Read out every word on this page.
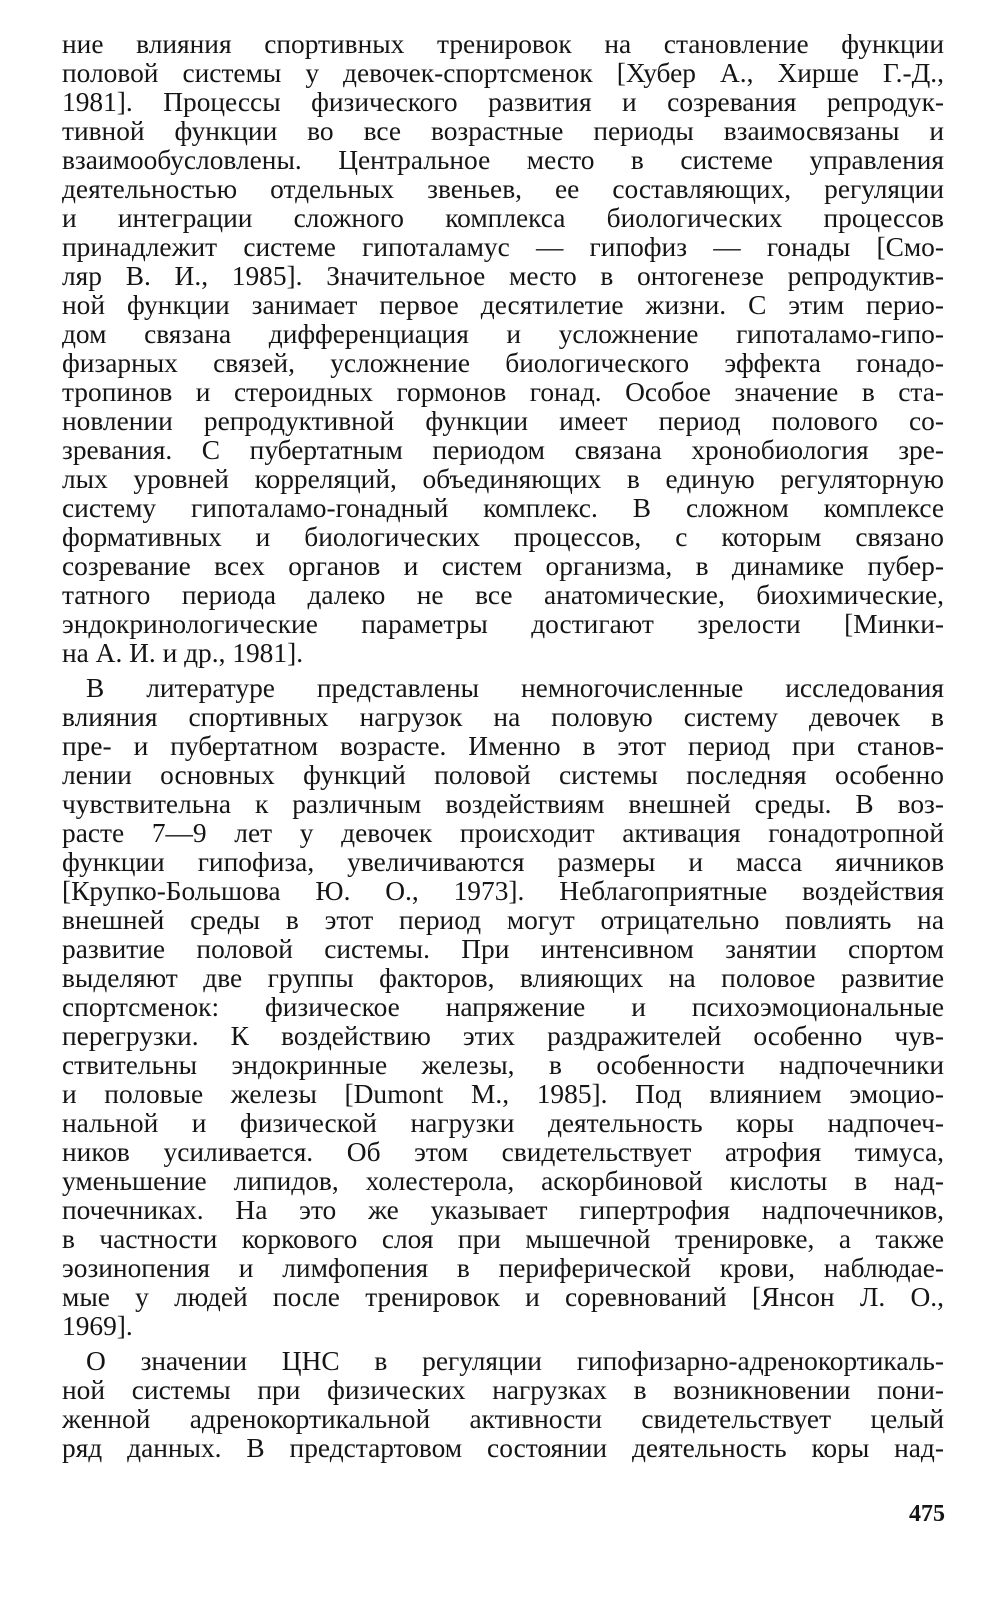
ние влияния спортивных тренировок на становление функции
половой системы у девочек-спортсменок [Хубер А., Хирше Г.-Д.,
1981]. Процессы физического развития и созревания репродук-
тивной функции во все возрастные периоды взаимосвязаны и
взаимообусловлены. Центральное место в системе управления
деятельностью отдельных звеньев, ее составляющих, регуляции
и интеграции сложного комплекса биологических процессов
принадлежит системе гипоталамус — гипофиз — гонады [Смо-
ляр В. И., 1985]. Значительное место в онтогенезе репродуктив-
ной функции занимает первое десятилетие жизни. С этим перио-
дом связана дифференциация и усложнение гипоталамо-гипо-
физарных связей, усложнение биологического эффекта гонадо-
тропинов и стероидных гормонов гонад. Особое значение в ста-
новлении репродуктивной функции имеет период полового со-
зревания. С пубертатным периодом связана хронобиология зре-
лых уровней корреляций, объединяющих в единую регуляторную
систему гипоталамо-гонадный комплекс. В сложном комплексе
формативных и биологических процессов, с которым связано
созревание всех органов и систем организма, в динамике пубер-
татного периода далеко не все анатомические, биохимические,
эндокринологические параметры достигают зрелости [Минки-
на А. И. и др., 1981].
В литературе представлены немногочисленные исследования
влияния спортивных нагрузок на половую систему девочек в
пре- и пубертатном возрасте. Именно в этот период при станов-
лении основных функций половой системы последняя особенно
чувствительна к различным воздействиям внешней среды. В воз-
расте 7—9 лет у девочек происходит активация гонадотропной
функции гипофиза, увеличиваются размеры и масса яичников
[Крупко-Большова Ю. О., 1973]. Неблагоприятные воздействия
внешней среды в этот период могут отрицательно повлиять на
развитие половой системы. При интенсивном занятии спортом
выделяют две группы факторов, влияющих на половое развитие
спортсменок: физическое напряжение и психоэмоциональные
перегрузки. К воздействию этих раздражителей особенно чув-
ствительны эндокринные железы, в особенности надпочечники
и половые железы [Dumont M., 1985]. Под влиянием эмоцио-
нальной и физической нагрузки деятельность коры надпочеч-
ников усиливается. Об этом свидетельствует атрофия тимуса,
уменьшение липидов, холестерола, аскорбиновой кислоты в над-
почечниках. На это же указывает гипертрофия надпочечников,
в частности коркового слоя при мышечной тренировке, а также
эозинопения и лимфопения в периферической крови, наблюдае-
мые у людей после тренировок и соревнований [Янсон Л. О.,
1969].
О значении ЦНС в регуляции гипофизарно-адренокортикаль-
ной системы при физических нагрузках в возникновении пони-
женной адренокортикальной активности свидетельствует целый
ряд данных. В предстартовом состоянии деятельность коры над-
475
